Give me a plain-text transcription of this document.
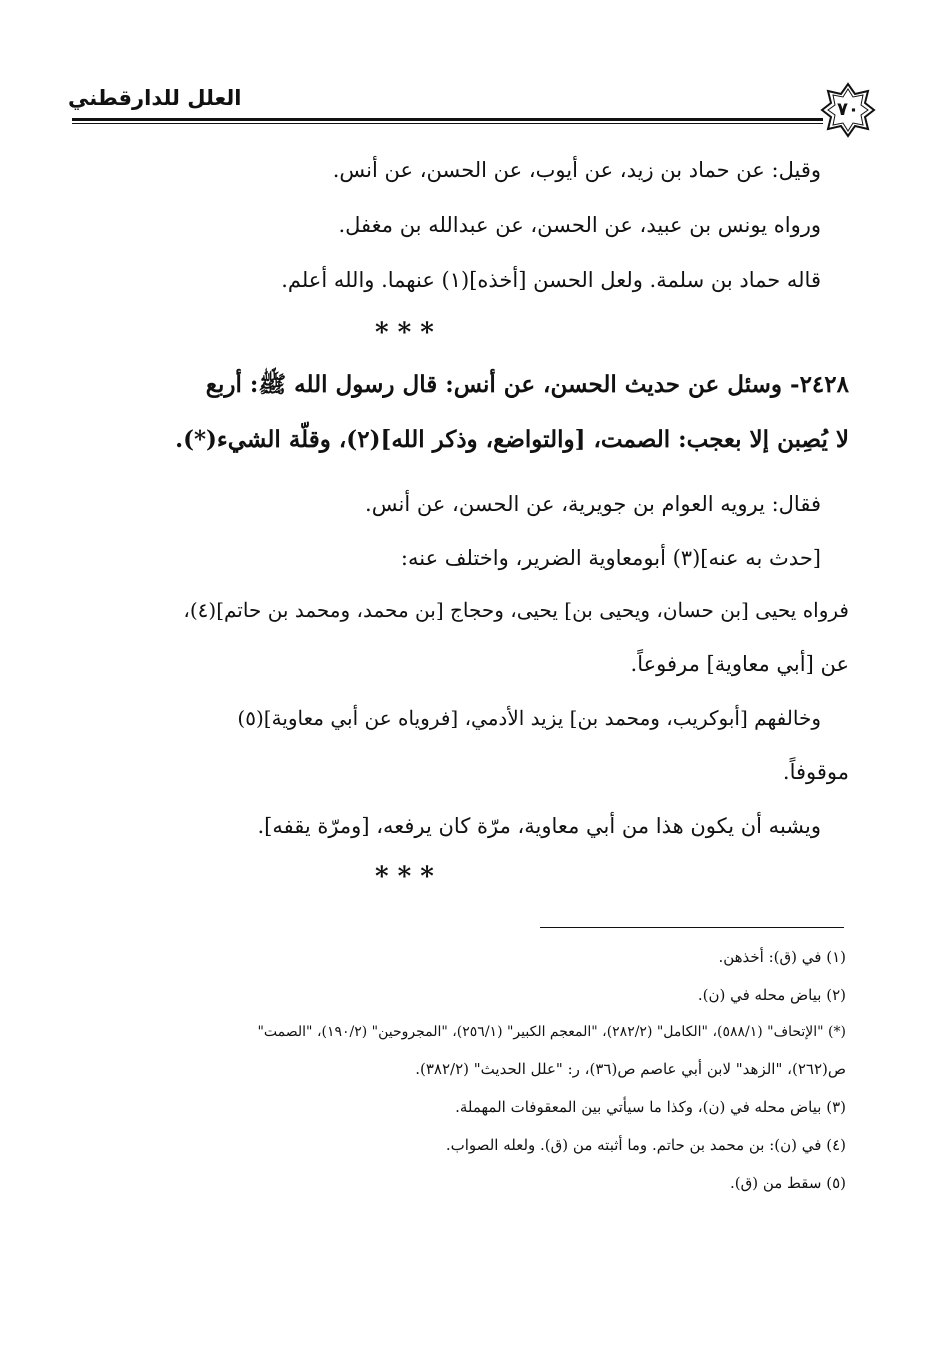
٧٠
العلل للدارقطني
وقيل: عن حماد بن زيد، عن أيوب، عن الحسن، عن أنس.
ورواه يونس بن عبيد، عن الحسن، عن عبدالله بن مغفل.
قاله حماد بن سلمة. ولعل الحسن [أخذه](١) عنهما. والله أعلم.
* * *
٢٤٢٨- وسئل عن حديث الحسن، عن أنس: قال رسول الله ﷺ: أربع
لا يُصِبن إلا بعجب: الصمت، [والتواضع، وذكر الله](٢)، وقلّة الشيء(*).
فقال: يرويه العوام بن جويرية، عن الحسن، عن أنس.
[حدث به عنه](٣) أبومعاوية الضرير، واختلف عنه:
فرواه يحيى [بن حسان، ويحيى بن] يحيى، وحجاج [بن محمد، ومحمد بن حاتم](٤)،
عن [أبي معاوية] مرفوعاً.
وخالفهم [أبوكريب، ومحمد بن] يزيد الأدمي، [فروياه عن أبي معاوية](٥)
موقوفاً.
ويشبه أن يكون هذا من أبي معاوية، مرّة كان يرفعه، [ومرّة يقفه].
* * *
(١) في (ق): أخذهن.
(٢) بياض محله في (ن).
(*) "الإتحاف" (٥٨٨/١)، "الكامل" (٢٨٢/٢)، "المعجم الكبير" (٢٥٦/١)، "المجروحين" (١٩٠/٢)، "الصمت"
ص(٢٦٢)، "الزهد" لابن أبي عاصم ص(٣٦)، ر: "علل الحديث" (٣٨٢/٢).
(٣) بياض محله في (ن)، وكذا ما سيأتي بين المعقوفات المهملة.
(٤) في (ن): بن محمد بن حاتم. وما أثبته من (ق). ولعله الصواب.
(٥) سقط من (ق).
